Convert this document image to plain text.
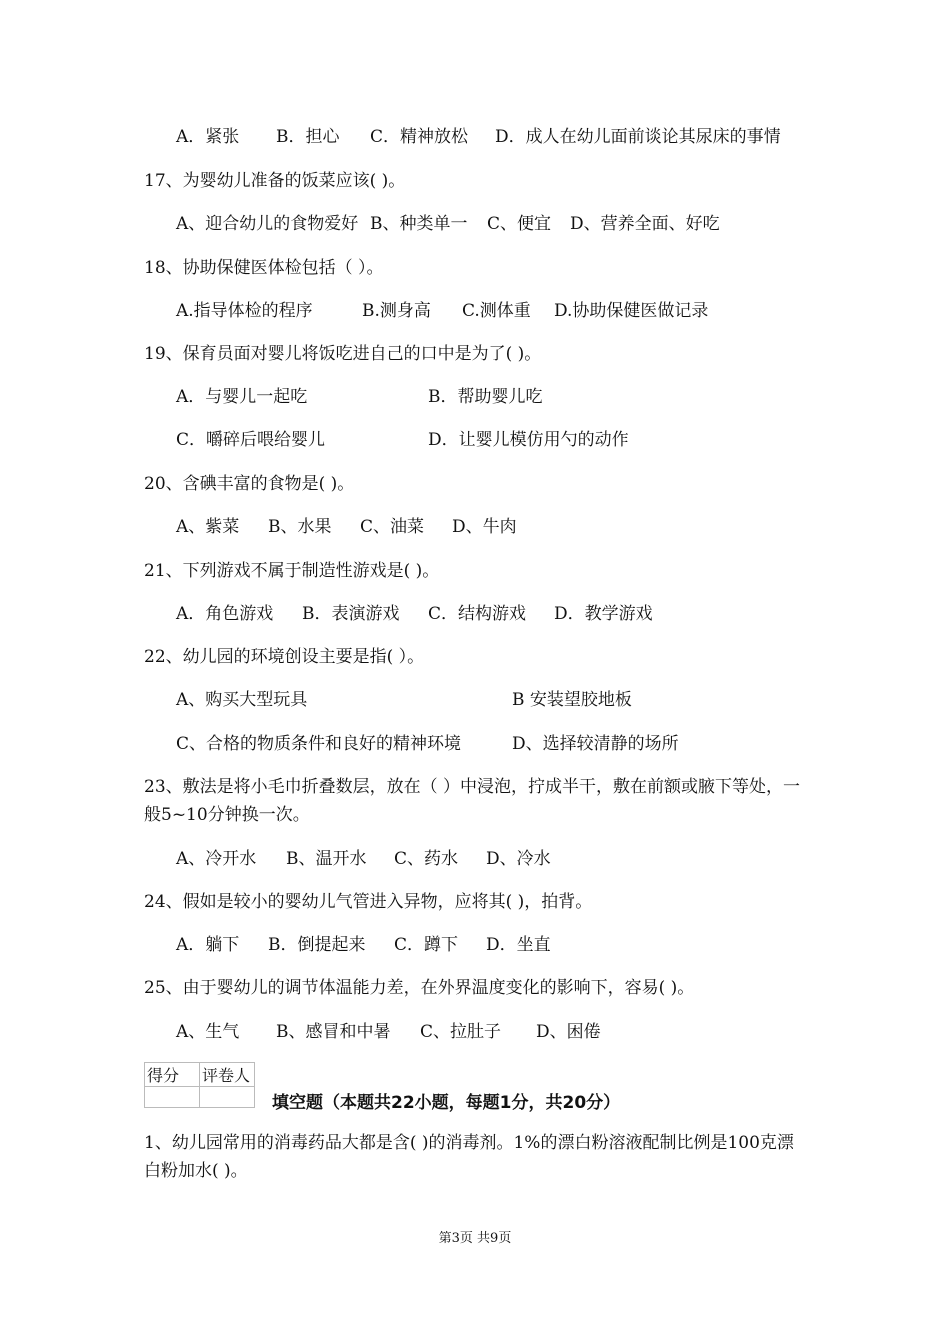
A．紧张 B．担心 C．精神放松 D．成人在幼儿面前谈论其尿床的事情
17、为婴幼儿准备的饭菜应该( )。
A、迎合幼儿的食物爱好 B、种类单一 C、便宜 D、营养全面、好吃
18、协助保健医体检包括（ ）。
A.指导体检的程序	B.测身高 C.测体重 D.协助保健医做记录
19、保育员面对婴儿将饭吃进自己的口中是为了( )。
A．与婴儿一起吃	B．帮助婴儿吃
C．嚼碎后喂给婴儿	D．让婴儿模仿用勺的动作
20、含碘丰富的食物是( )。
A、紫菜 B、水果 C、油菜 D、牛肉
21、下列游戏不属于制造性游戏是( )。
A．角色游戏 B．表演游戏 C．结构游戏 D．教学游戏
22、幼儿园的环境创设主要是指( ）。
A、购买大型玩具	B 安装望胶地板
C、合格的物质条件和良好的精神环境	D、选择较清静的场所
23、敷法是将小毛巾折叠数层，放在（ ）中浸泡，拧成半干，敷在前额或腋下等处，一
般5~10分钟换一次。
A、冷开水 B、温开水 C、药水 D、冷水
24、假如是较小的婴幼儿气管进入异物，应将其( )，拍背。
A．躺下 B．倒提起来 C．蹲下 D．坐直
25、由于婴幼儿的调节体温能力差，在外界温度变化的影响下，容易( )。
A、生气 B、感冒和中暑 C、拉肚子 D、困倦
得分	评卷人

填空题（本题共22小题，每题1分，共20分）
1、幼儿园常用的消毒药品大都是含( )的消毒剂。1%的漂白粉溶液配制比例是100克漂
白粉加水( )。
第3页 共9页
